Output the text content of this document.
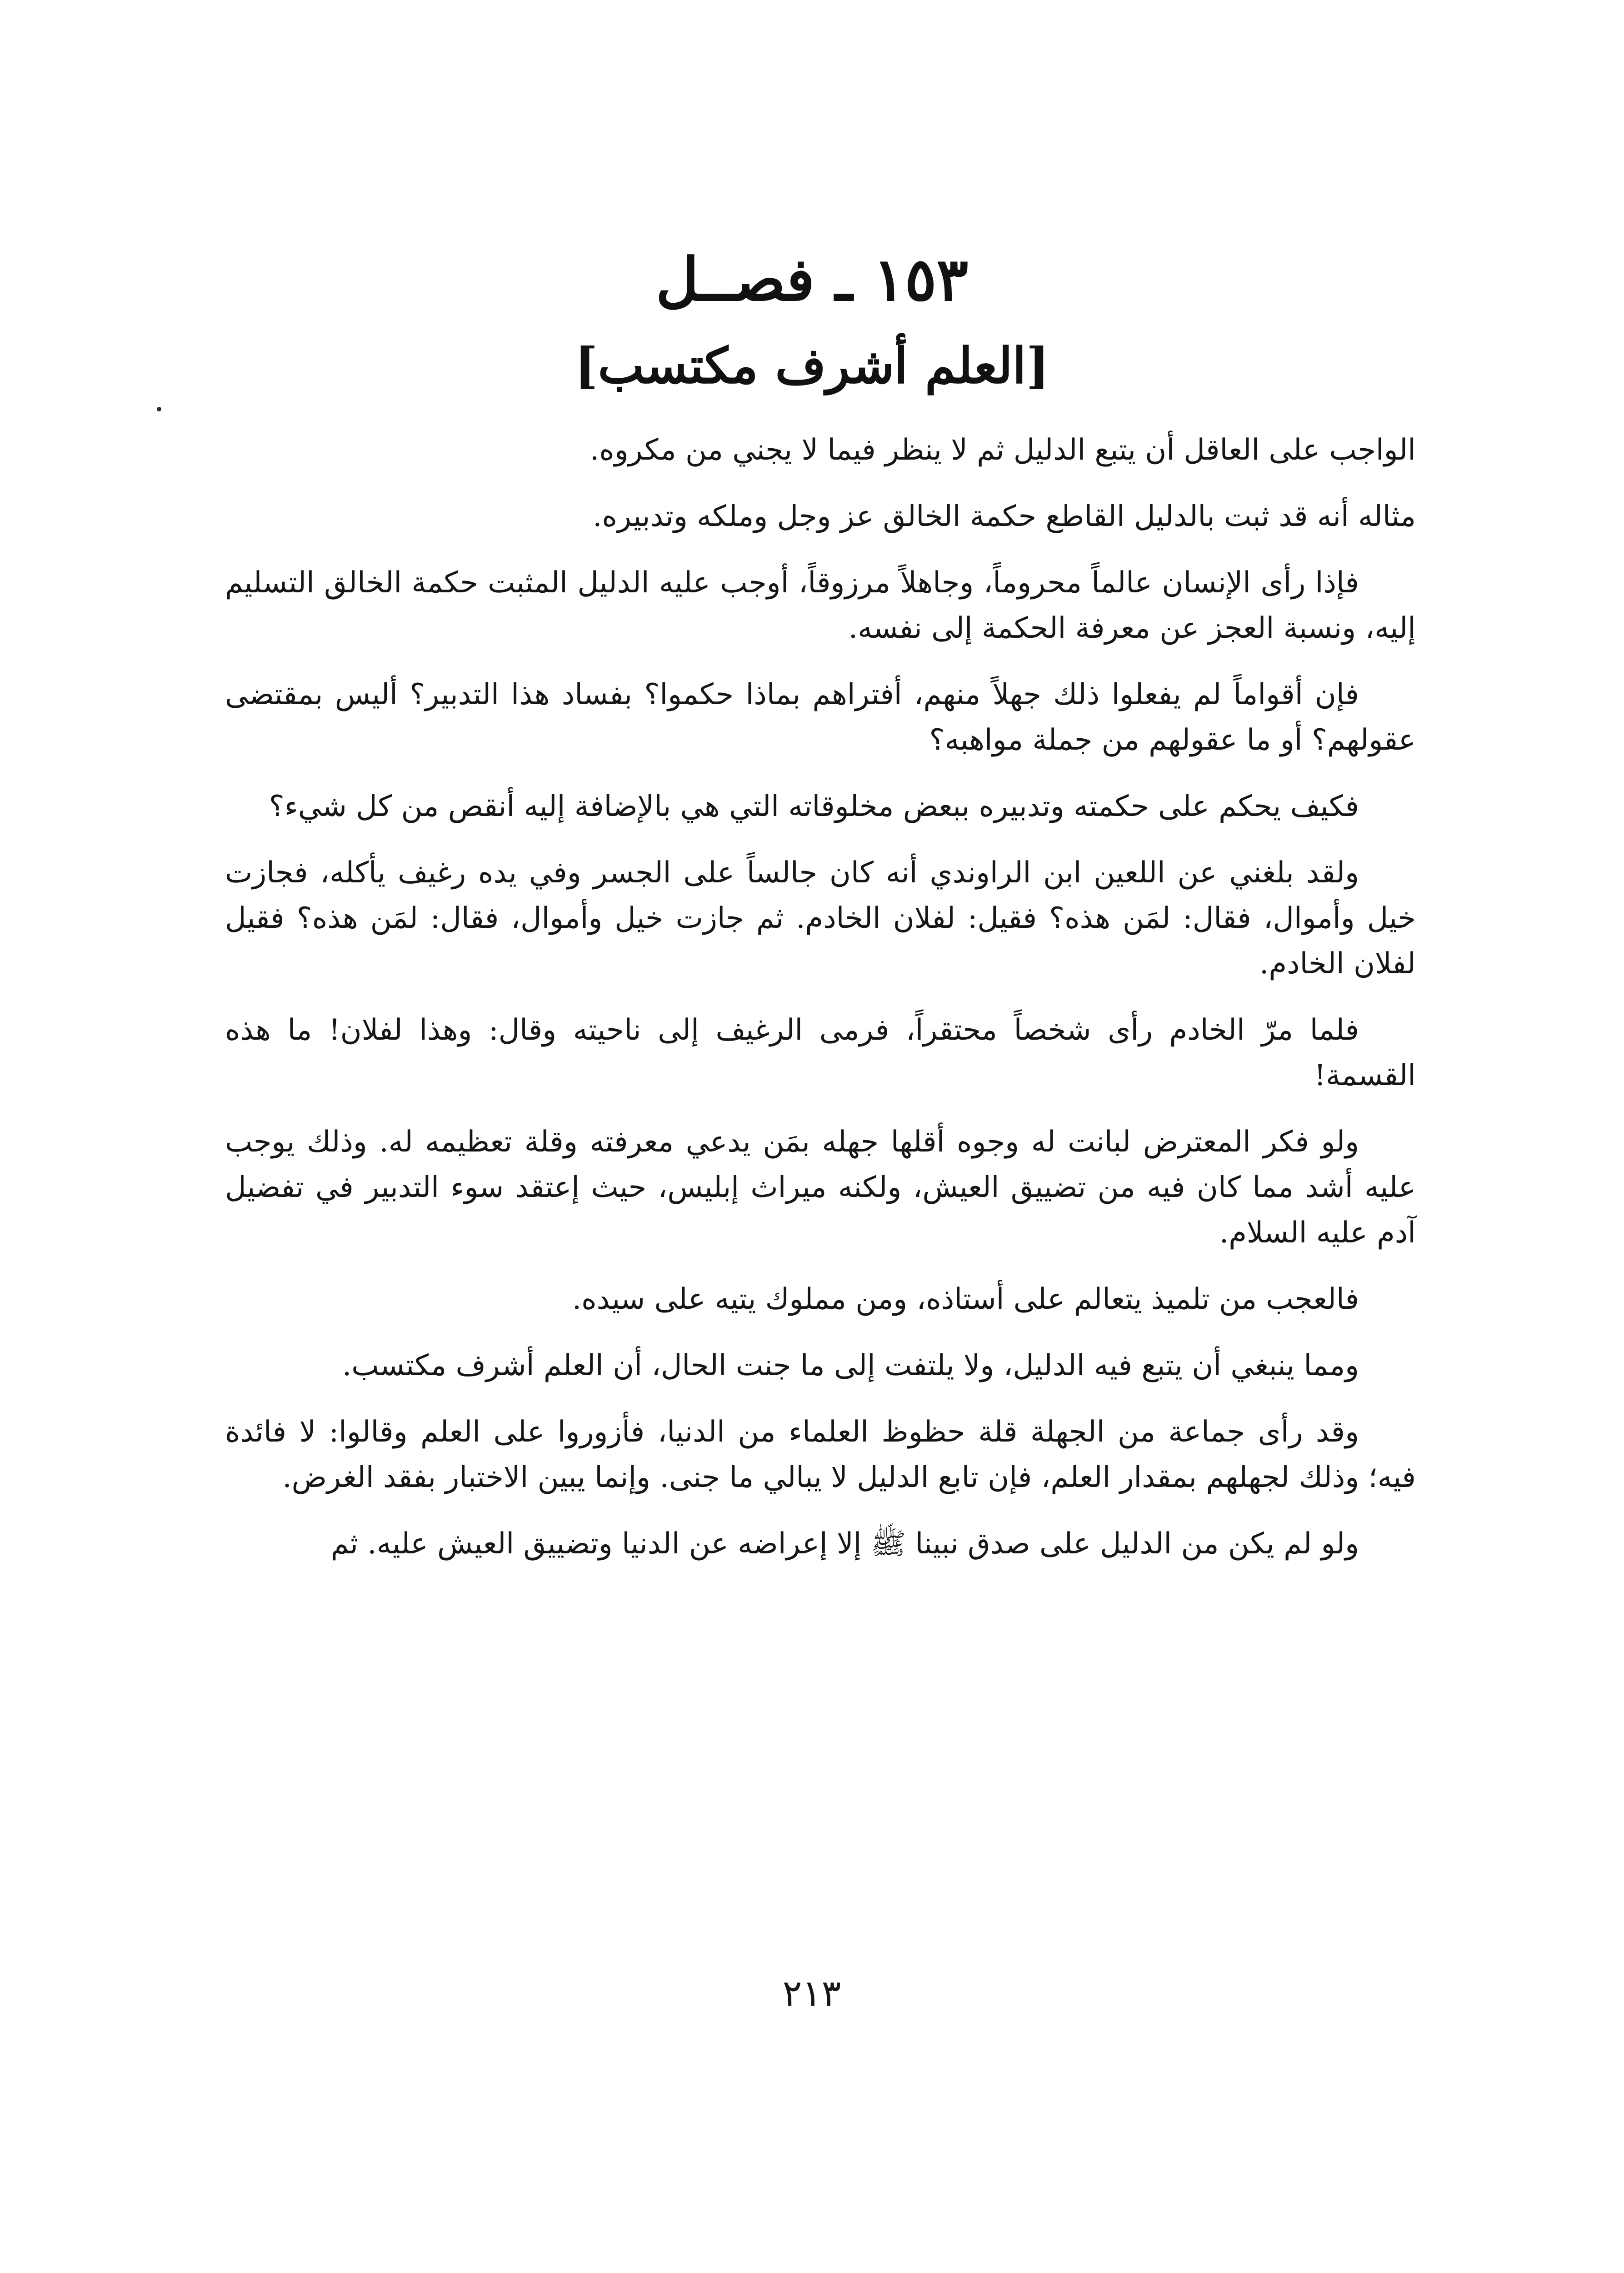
١٥٣ ـ فصــل
[العلم أشرف مكتسب]

الواجب على العاقل أن يتبع الدليل ثم لا ينظر فيما لا يجني من مكروه.

مثاله أنه قد ثبت بالدليل القاطع حكمة الخالق عز وجل وملكه وتدبيره.

فإذا رأى الإنسان عالماً محروماً، وجاهلاً مرزوقاً، أوجب عليه الدليل المثبت حكمة الخالق التسليم إليه، ونسبة العجز عن معرفة الحكمة إلى نفسه.

فإن أقواماً لم يفعلوا ذلك جهلاً منهم، أفتراهم بماذا حكموا؟ بفساد هذا التدبير؟ أليس بمقتضى عقولهم؟ أو ما عقولهم من جملة مواهبه؟

فكيف يحكم على حكمته وتدبيره ببعض مخلوقاته التي هي بالإضافة إليه أنقص من كل شيء؟

ولقد بلغني عن اللعين ابن الراوندي أنه كان جالساً على الجسر وفي يده رغيف يأكله، فجازت خيل وأموال، فقال: لمَن هذه؟ فقيل: لفلان الخادم. ثم جازت خيل وأموال، فقال: لمَن هذه؟ فقيل لفلان الخادم.

فلما مرّ الخادم رأى شخصاً محتقراً، فرمى الرغيف إلى ناحيته وقال: وهذا لفلان! ما هذه القسمة!

ولو فكر المعترض لبانت له وجوه أقلها جهله بمَن يدعي معرفته وقلة تعظيمه له. وذلك يوجب عليه أشد مما كان فيه من تضييق العيش، ولكنه ميراث إبليس، حيث إعتقد سوء التدبير في تفضيل آدم عليه السلام.

فالعجب من تلميذ يتعالم على أستاذه، ومن مملوك يتيه على سيده.

ومما ينبغي أن يتبع فيه الدليل، ولا يلتفت إلى ما جنت الحال، أن العلم أشرف مكتسب.

وقد رأى جماعة من الجهلة قلة حظوظ العلماء من الدنيا، فأزوروا على العلم وقالوا: لا فائدة فيه؛ وذلك لجهلهم بمقدار العلم، فإن تابع الدليل لا يبالي ما جنى. وإنما يبين الاختبار بفقد الغرض.

ولو لم يكن من الدليل على صدق نبينا ﷺ إلا إعراضه عن الدنيا وتضييق العيش عليه. ثم

٢١٣
